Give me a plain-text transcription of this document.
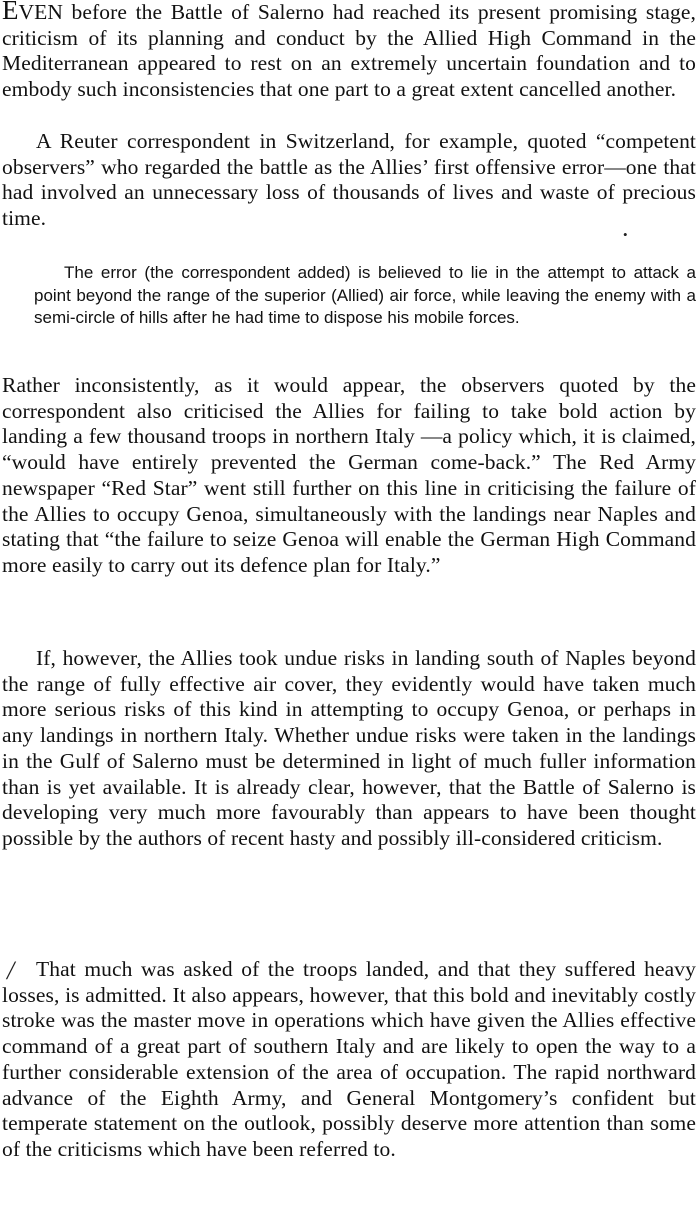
EVEN before the Battle of Salerno had reached its present promising stage, criticism of its planning and conduct by the Allied High Command in the Mediterranean appeared to rest on an extremely uncertain foundation and to embody such inconsistencies that one part to a great extent cancelled another.

A Reuter correspondent in Switzerland, for example, quoted “competent observers” who regarded the battle as the Allies’ first offensive error—one that had involved an unnecessary loss of thousands of lives and waste of precious time.

The error (the correspondent added) is believed to lie in the attempt to attack a point beyond the range of the superior (Allied) air force, while leaving the enemy with a semi-circle of hills after he had time to dispose his mobile forces.

Rather inconsistently, as it would appear, the observers quoted by the correspondent also criticised the Allies for failing to take bold action by landing a few thousand troops in northern Italy —a policy which, it is claimed, “would have entirely prevented the German come-back.” The Red Army newspaper “Red Star” went still further on this line in criticising the failure of the Allies to occupy Genoa, simultaneously with the landings near Naples and stating that “the failure to seize Genoa will enable the German High Command more easily to carry out its defence plan for Italy.”

If, however, the Allies took undue risks in landing south of Naples beyond the range of fully effective air cover, they evidently would have taken much more serious risks of this kind in attempting to occupy Genoa, or perhaps in any landings in northern Italy. Whether undue risks were taken in the landings in the Gulf of Salerno must be determined in light of much fuller information than is yet available. It is already clear, however, that the Battle of Salerno is developing very much more favourably than appears to have been thought possible by the authors of recent hasty and possibly ill-considered criticism.

That much was asked of the troops landed, and that they suffered heavy losses, is admitted. It also appears, however, that this bold and inevitably costly stroke was the master move in operations which have given the Allies effective command of a great part of southern Italy and are likely to open the way to a further considerable extension of the area of occupation. The rapid northward advance of the Eighth Army, and General Montgomery’s confident but temperate statement on the outlook, possibly deserve more attention than some of the criticisms which have been referred to.

•
/
